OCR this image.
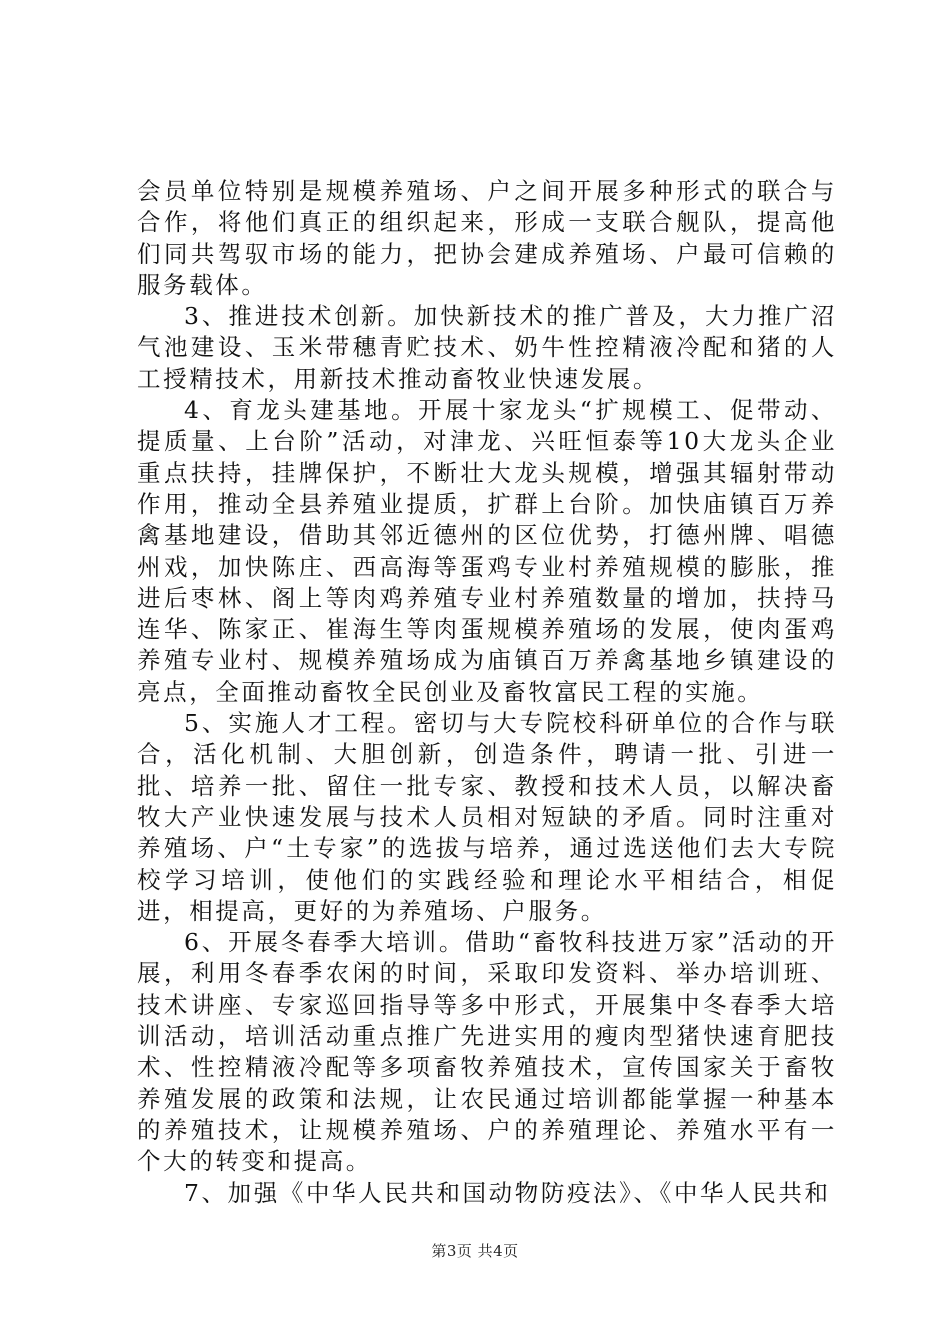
会员单位特别是规模养殖场、户之间开展多种形式的联合与合作，将他们真正的组织起来，形成一支联合舰队，提高他们同共驾驭市场的能力，把协会建成养殖场、户最可信赖的服务载体。

3、推进技术创新。加快新技术的推广普及，大力推广沼气池建设、玉米带穗青贮技术、奶牛性控精液冷配和猪的人工授精技术，用新技术推动畜牧业快速发展。

4、育龙头建基地。开展十家龙头“扩规模工、促带动、提质量、上台阶”活动，对津龙、兴旺恒泰等10大龙头企业重点扶持，挂牌保护，不断壮大龙头规模，增强其辐射带动作用，推动全县养殖业提质，扩群上台阶。加快庙镇百万养禽基地建设，借助其邻近德州的区位优势，打德州牌、唱德州戏，加快陈庄、西高海等蛋鸡专业村养殖规模的膨胀，推进后枣林、阁上等肉鸡养殖专业村养殖数量的增加，扶持马连华、陈家正、崔海生等肉蛋规模养殖场的发展，使肉蛋鸡养殖专业村、规模养殖场成为庙镇百万养禽基地乡镇建设的亮点，全面推动畜牧全民创业及畜牧富民工程的实施。

5、实施人才工程。密切与大专院校科研单位的合作与联合，活化机制、大胆创新，创造条件，聘请一批、引进一批、培养一批、留住一批专家、教授和技术人员，以解决畜牧大产业快速发展与技术人员相对短缺的矛盾。同时注重对养殖场、户“土专家”的选拔与培养，通过选送他们去大专院校学习培训，使他们的实践经验和理论水平相结合，相促进，相提高，更好的为养殖场、户服务。

6、开展冬春季大培训。借助“畜牧科技进万家”活动的开展，利用冬春季农闲的时间，采取印发资料、举办培训班、技术讲座、专家巡回指导等多中形式，开展集中冬春季大培训活动，培训活动重点推广先进实用的瘦肉型猪快速育肥技术、性控精液冷配等多项畜牧养殖技术，宣传国家关于畜牧养殖发展的政策和法规，让农民通过培训都能掌握一种基本的养殖技术，让规模养殖场、户的养殖理论、养殖水平有一个大的转变和提高。

7、加强《中华人民共和国动物防疫法》、《中华人民共和

第3页 共4页
